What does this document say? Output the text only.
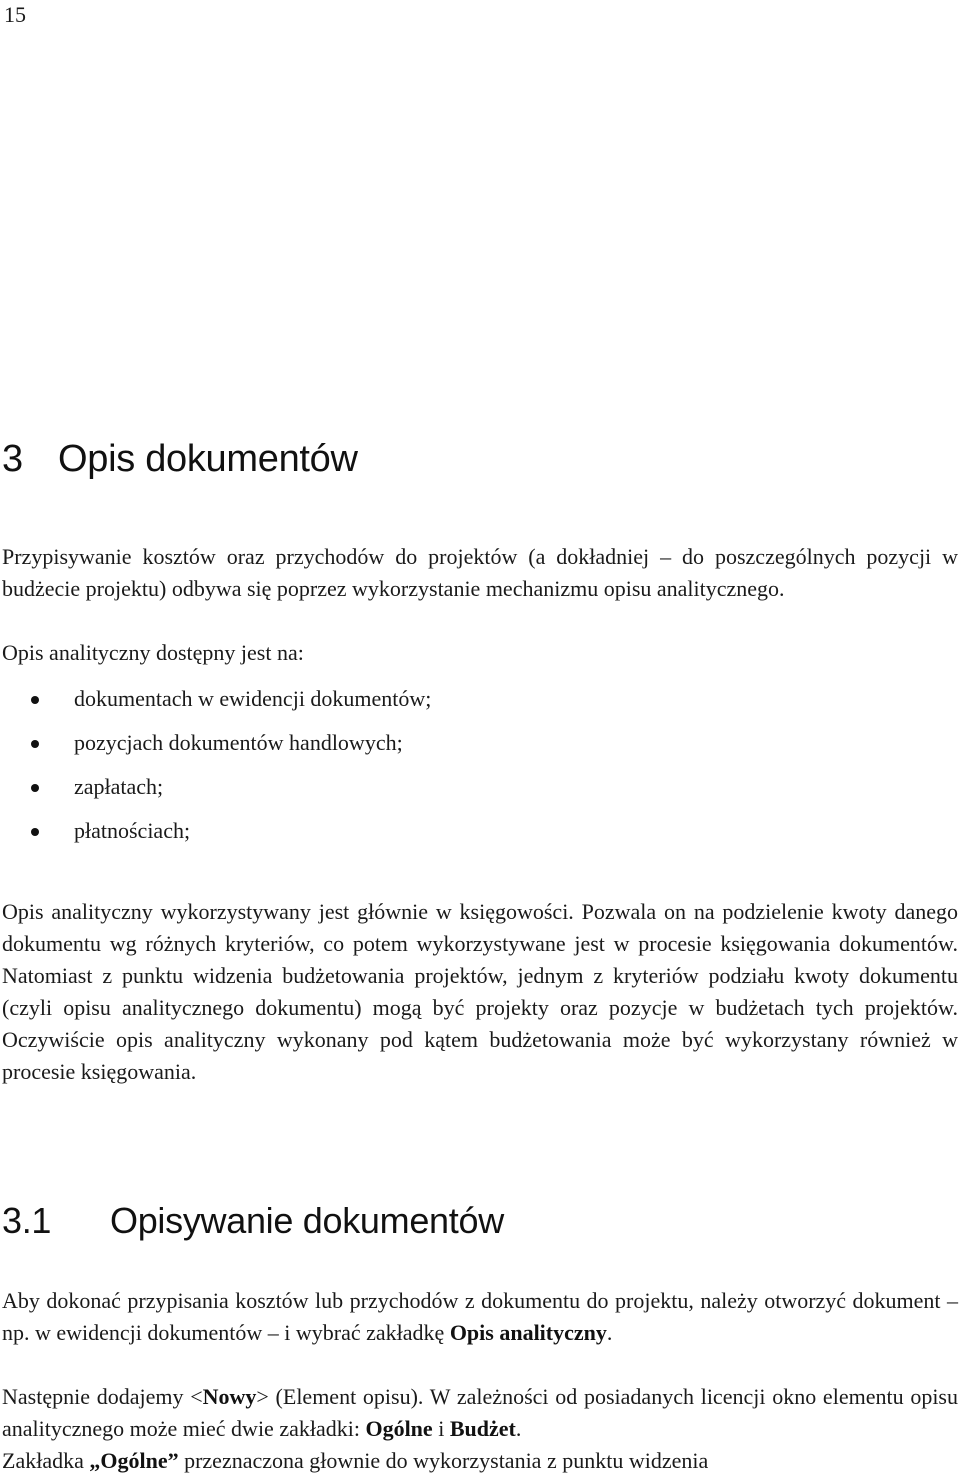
15
3 Opis dokumentów

Przypisywanie kosztów oraz przychodów do projektów (a dokładniej – do poszczególnych pozycji w budżecie projektu) odbywa się poprzez wykorzystanie mechanizmu opisu analitycznego.

Opis analityczny dostępny jest na:

dokumentach w ewidencji dokumentów;
pozycjach dokumentów handlowych;
zapłatach;
płatnościach;

Opis analityczny wykorzystywany jest głównie w księgowości. Pozwala on na podzielenie kwoty danego dokumentu wg różnych kryteriów, co potem wykorzystywane jest w procesie księgowania dokumentów. Natomiast z punktu widzenia budżetowania projektów, jednym z kryteriów podziału kwoty dokumentu (czyli opisu analitycznego dokumentu) mogą być projekty oraz pozycje w budżetach tych projektów. Oczywiście opis analityczny wykonany pod kątem budżetowania może być wykorzystany również w procesie księgowania.

3.1 Opisywanie dokumentów

Aby dokonać przypisania kosztów lub przychodów z dokumentu do projektu, należy otworzyć dokument – np. w ewidencji dokumentów – i wybrać zakładkę Opis analityczny.

Następnie dodajemy <Nowy> (Element opisu). W zależności od posiadanych licencji okno elementu opisu analitycznego może mieć dwie zakładki: Ogólne i Budżet.

Zakładka „Ogólne” przeznaczona głownie do wykorzystania z punktu widzenia
